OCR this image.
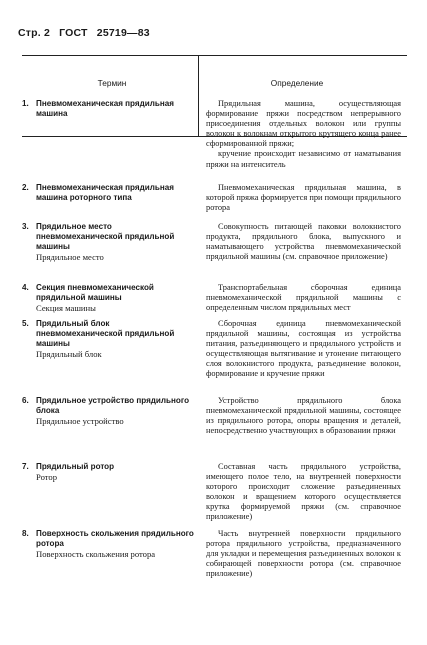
Стр. 2 ГОСТ 25719—83
Термин	Определение
1. Пневмомеханическая прядильная машина

Прядильная машина, осуществляющая формирование пряжи посредством непрерывного присоединения отдельных волокон или группы волокон к волокнам открытого крутящего конца ранее сформированной пряжи;

кручение происходит независимо от наматывания пряжи на интенситель

2. Пневмомеханическая прядильная машина роторного типа

Пневмомеханическая прядильная машина, в которой пряжа формируется при помощи прядильного ротора

3. Прядильное место пневмомеханической прядильной машины
Прядильное место

Совокупность питающей паковки волокнистого продукта, прядильного блока, выпускного и наматывающего устройства пневмомеханической прядильной машины (см. справочное приложение)

4. Секция пневмомеханической прядильной машины
Секция машины

Транспортабельная сборочная единица пневмомеханической прядильной машины с определенным числом прядильных мест

5. Прядильный блок пневмомеханической прядильной машины
Прядильный блок

Сборочная единица пневмомеханической прядильной машины, состоящая из устройства питания, разъединяющего и прядильного устройств и осуществляющая вытягивание и утонение питающего слоя волокнистого продукта, разъединение волокон, формирование и кручение пряжи

6. Прядильное устройство прядильного блока
Прядильное устройство

Устройство прядильного блока пневмомеханической прядильной машины, состоящее из прядильного ротора, опоры вращения и деталей, непосредственно участвующих в образовании пряжи

7. Прядильный ротор
Ротор

Составная часть прядильного устройства, имеющего полое тело, на внутренней поверхности которого происходит сложение разъединенных волокон и вращением которого осуществляется крутка формируемой пряжи (см. справочное приложение)

8. Поверхность скольжения прядильного ротора
Поверхность скольжения ротора

Часть внутренней поверхности прядильного ротора прядильного устройства, предназначенного для укладки и перемещения разъединенных волокон к собирающей поверхности ротора (см. справочное приложение)
